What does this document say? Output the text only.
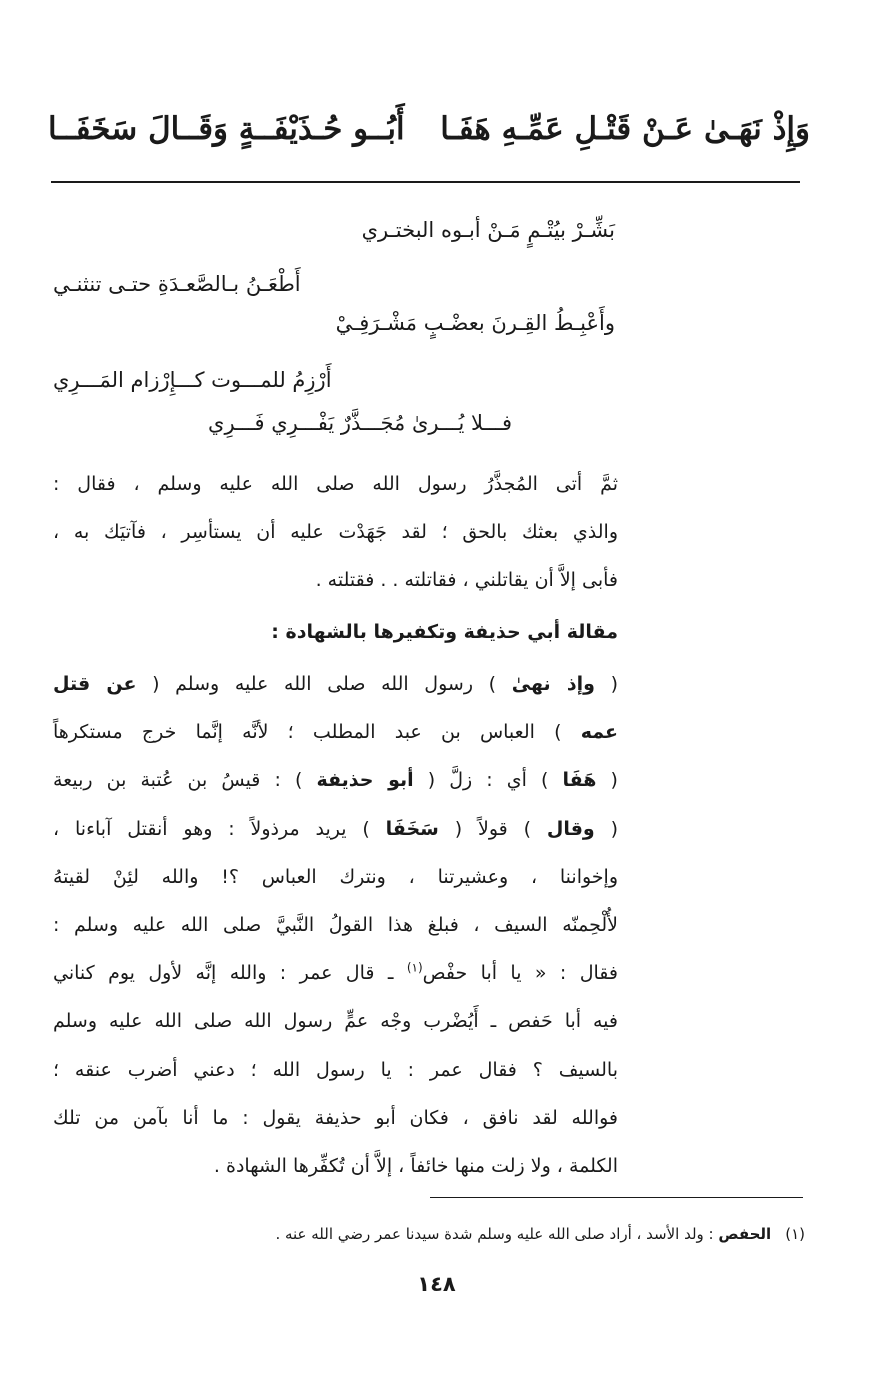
وَإِذْ نَهَـىٰ عَـنْ قَتْـلِ عَمِّـهِ هَفَـا
أَبُــو حُـذَيْفَــةٍ وَقَــالَ سَخَفَــا
بَشِّـرْ بيُتْـمٍ مَـنْ أبـوه البختـري
أَطْعَـنُ بـالصَّعـدَةِ حتـى تنثنـي
وأَعْبِـطُ القِـرنَ بعضْـبٍ مَشْـرَفِـيْ
أَرْزِمُ للمـــوت كـــإِرْزام المَـــرِي
فـــلا يُـــرىٰ مُجَـــذَّرٌ يَفْـــرِي فَـــرِي
ثمَّ أتى المُجذَّرُ رسول الله صلى الله عليه وسلم ، فقال :
والذي بعثك بالحق ؛ لقد جَهَدْت عليه أن يستأسِر ، فآتيَك به ،
فأبى إلاَّ أن يقاتلني ، فقاتلته . . فقتلته .
مقالة أبي حذيفة وتكفيرها بالشهادة :
( وإذ نهىٰ ) رسول الله صلى الله عليه وسلم ( عن قتل
عمه ) العباس بن عبد المطلب ؛ لأنَّه إنَّما خرج مستكرهاً
( هَفَا ) أي : زلَّ ( أبو حذيفة ) : قيسُ بن عُتبة بن ربيعة
( وقال ) قولاً ( سَخَفَا ) يريد مرذولاً : وهو أنقتل آباءنا ،
وإخواننا ، وعشيرتنا ، ونترك العباس ؟! والله لئِنْ لقيتهُ
لأُلْحِمنّه السيف ، فبلغ هذا القولُ النَّبيَّ صلى الله عليه وسلم :
فقال : « يا أبا حفْص$^{(١)}$ ـ قال عمر : والله إنَّه لأول يوم كناني
فيه أبا حَفص ـ أَيُضْرب وجْه عمٍّ رسول الله صلى الله عليه وسلم
بالسيف ؟ فقال عمر : يا رسول الله ؛ دعني أضرب عنقه ؛
فوالله لقد نافق ، فكان أبو حذيفة يقول : ما أنا بآمن من تلك
الكلمة ، ولا زلت منها خائفاً ، إلاَّ أن تُكفِّرها الشهادة .
(١)الحفص : ولد الأسد ، أراد صلى الله عليه وسلم شدة سيدنا عمر رضي الله عنه .
١٤٨
